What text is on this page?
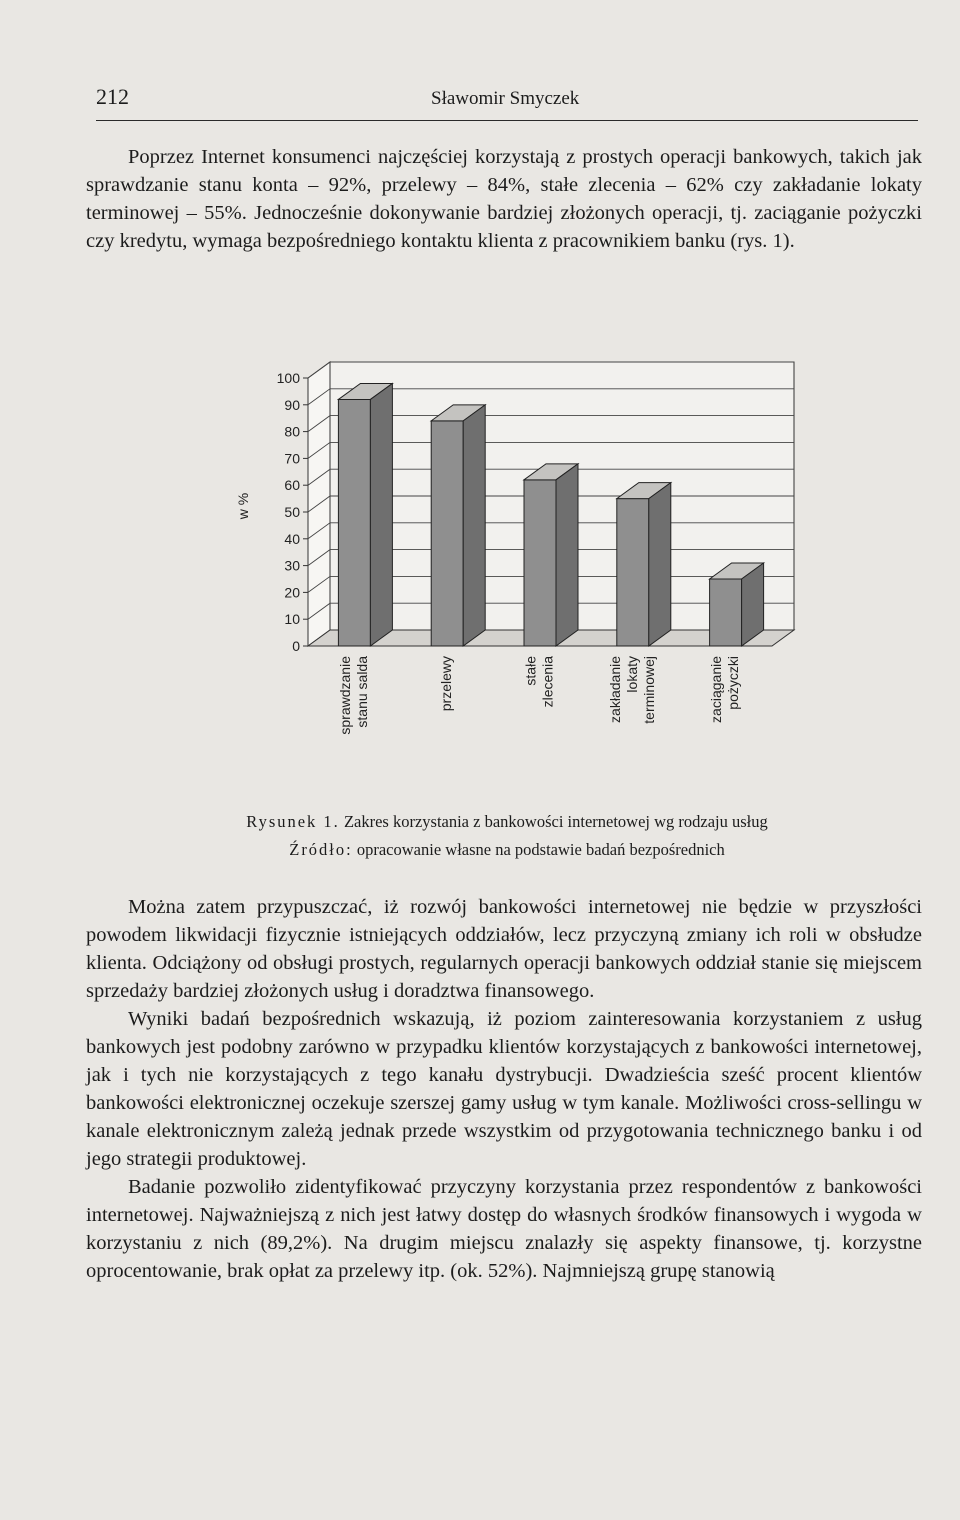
212	Sławomir Smyczek

Poprzez Internet konsumenci najczęściej korzystają z prostych operacji bankowych, takich jak sprawdzanie stanu konta – 92%, przelewy – 84%, stałe zlecenia – 62% czy zakładanie lokaty terminowej – 55%. Jednocześnie dokonywanie bardziej złożonych operacji, tj. zaciąganie pożyczki czy kredytu, wymaga bezpośredniego kontaktu klienta z pracownikiem banku (rys. 1).

0
10
20
30
40
50
60
70
80
90
100
w %
sprawdzanie stanu salda	przelewy	stałe zlecenia	zakładanie lokaty terminowej	zaciąganie pożyczki
Rysunek 1. Zakres korzystania z bankowości internetowej wg rodzaju usług
Źródło: opracowanie własne na podstawie badań bezpośrednich

Można zatem przypuszczać, iż rozwój bankowości internetowej nie będzie w przyszłości powodem likwidacji fizycznie istniejących oddziałów, lecz przyczyną zmiany ich roli w obsłudze klienta. Odciążony od obsługi prostych, regularnych operacji bankowych oddział stanie się miejscem sprzedaży bardziej złożonych usług i doradztwa finansowego.

Wyniki badań bezpośrednich wskazują, iż poziom zainteresowania korzystaniem z usług bankowych jest podobny zarówno w przypadku klientów korzystających z bankowości internetowej, jak i tych nie korzystających z tego kanału dystrybucji. Dwadzieścia sześć procent klientów bankowości elektronicznej oczekuje szerszej gamy usług w tym kanale. Możliwości cross-sellingu w kanale elektronicznym zależą jednak przede wszystkim od przygotowania technicznego banku i od jego strategii produktowej.

Badanie pozwoliło zidentyfikować przyczyny korzystania przez respondentów z bankowości internetowej. Najważniejszą z nich jest łatwy dostęp do własnych środków finansowych i wygoda w korzystaniu z nich (89,2%). Na drugim miejscu znalazły się aspekty finansowe, tj. korzystne oprocentowanie, brak opłat za przelewy itp. (ok. 52%). Najmniejszą grupę stanowią
